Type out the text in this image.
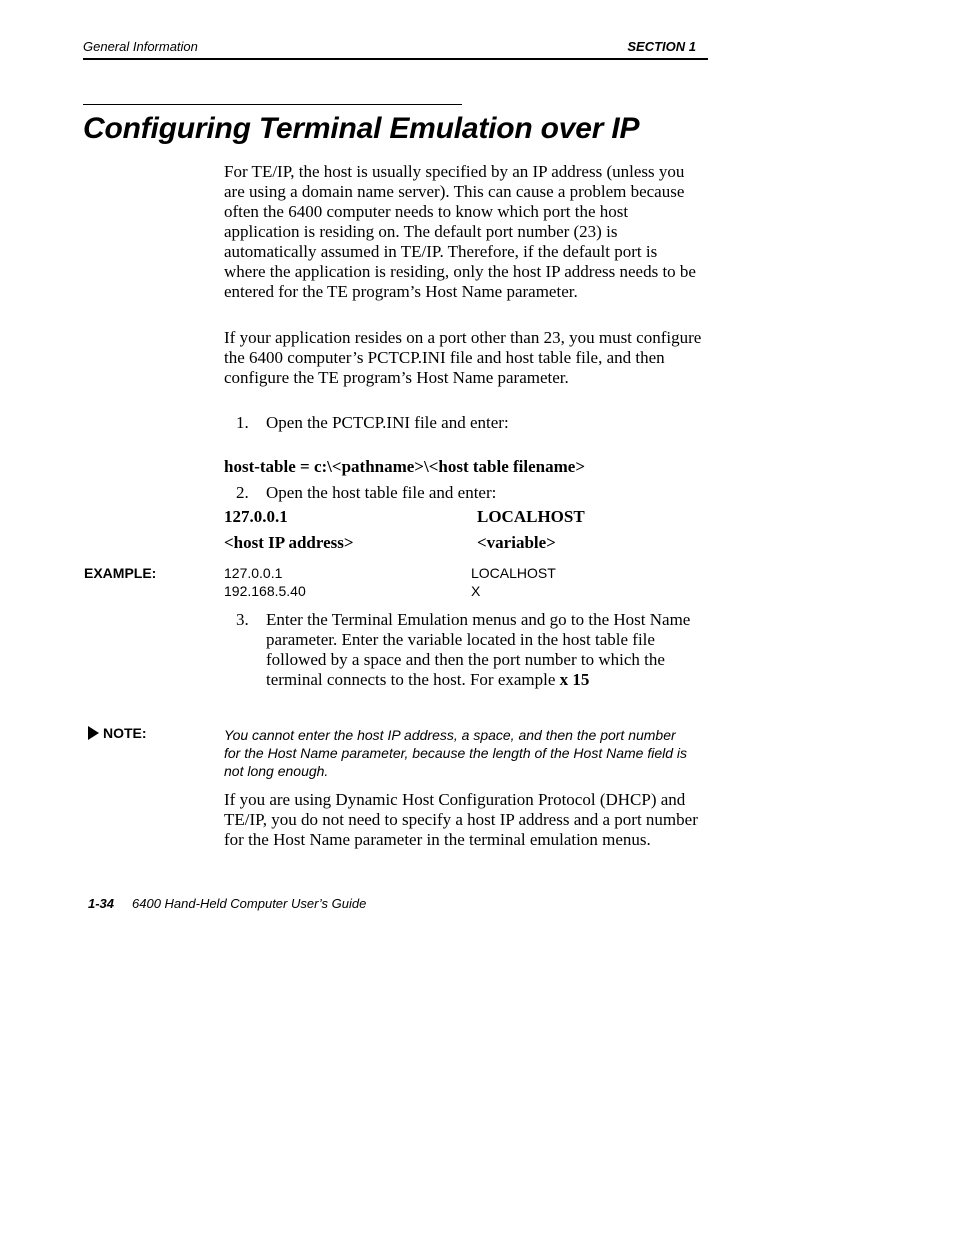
General Information	SECTION 1
Configuring Terminal Emulation over IP

For TE/IP, the host is usually specified by an IP address (unless you are using a domain name server). This can cause a problem because often the 6400 computer needs to know which port the host application is residing on. The default port number (23) is automatically assumed in TE/IP. Therefore, if the default port is where the application is residing, only the host IP address needs to be entered for the TE program’s Host Name parameter.

If your application resides on a port other than 23, you must configure the 6400 computer’s PCTCP.INI file and host table file, and then configure the TE program’s Host Name parameter.

1. Open the PCTCP.INI file and enter:
host-table = c:\<pathname>\<host table filename>
2. Open the host table file and enter:
127.0.0.1	LOCALHOST
<host IP address>	<variable>
EXAMPLE:	127.0.0.1	LOCALHOST
192.168.5.40	X
3. Enter the Terminal Emulation menus and go to the Host Name parameter. Enter the variable located in the host table file followed by a space and then the port number to which the terminal connects to the host. For example x 15
NOTE:	You cannot enter the host IP address, a space, and then the port number for the Host Name parameter, because the length of the Host Name field is not long enough.

If you are using Dynamic Host Configuration Protocol (DHCP) and TE/IP, you do not need to specify a host IP address and a port number for the Host Name parameter in the terminal emulation menus.

1-34 6400 Hand-Held Computer User’s Guide
